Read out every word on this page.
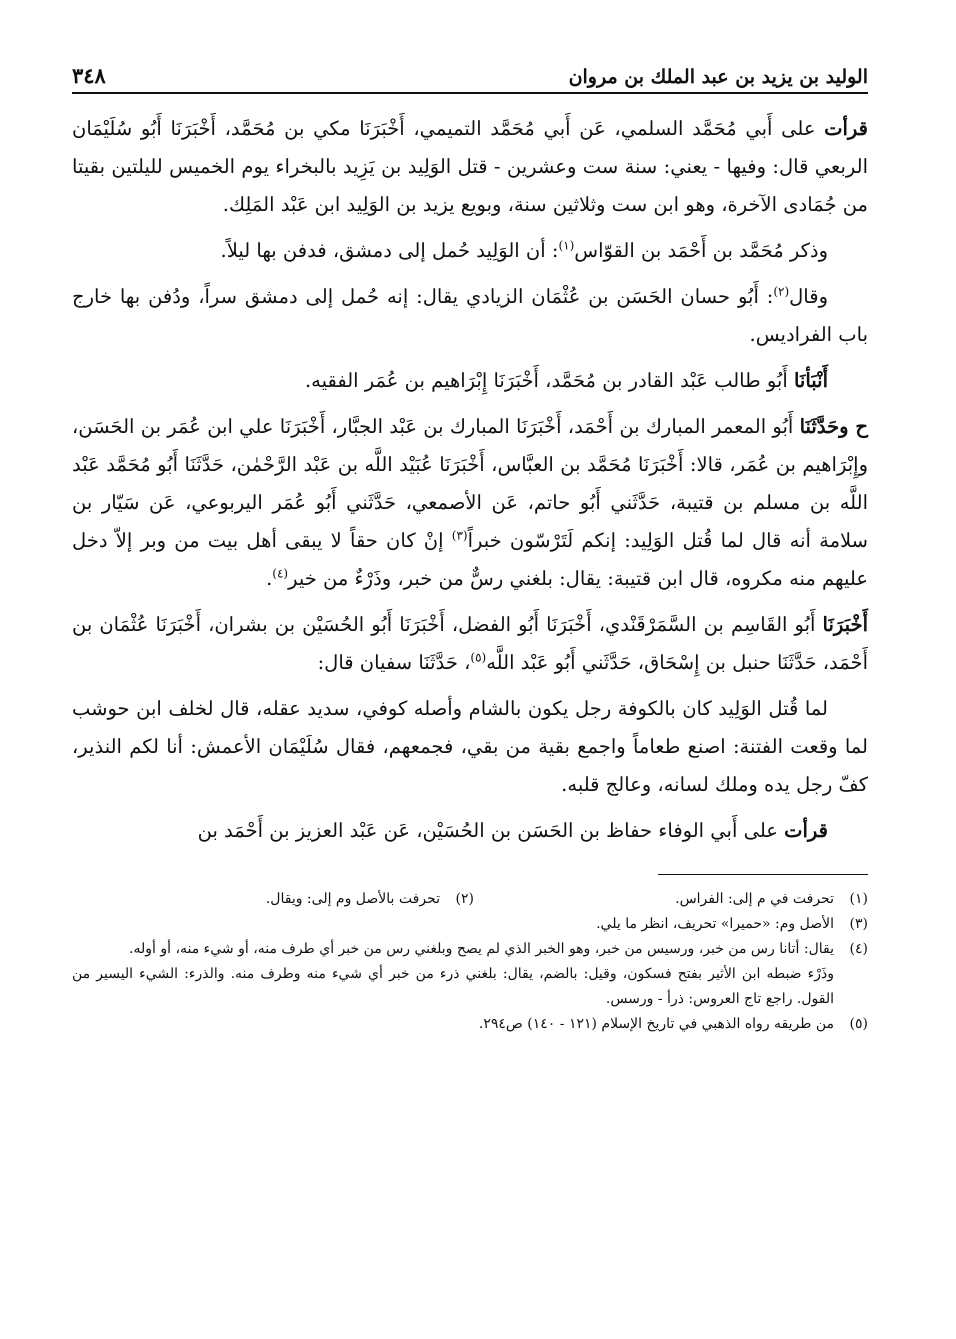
الوليد بن يزيد بن عبد الملك بن مروان
٣٤٨

قرأت على أَبي مُحَمَّد السلمي، عَن أَبي مُحَمَّد التميمي، أَخْبَرَنَا مكي بن مُحَمَّد، أَخْبَرَنَا أَبُو سُلَيْمَان الربعي قال: وفيها - يعني: سنة ست وعشرين - قتل الوَلِيد بن يَزِيد بالبخراء يوم الخميس لليلتين بقيتا من جُمَادى الآخرة، وهو ابن ست وثلاثين سنة، وبويع يزيد بن الوَلِيد ابن عَبْد المَلِك.

وذكر مُحَمَّد بن أَحْمَد بن القوّاس$^{(١)}$: أن الوَلِيد حُمل إلى دمشق، فدفن بها ليلاً.

وقال$^{(٢)}$: أَبُو حسان الحَسَن بن عُثْمَان الزيادي يقال: إنه حُمل إلى دمشق سراً، ودُفن بها خارج باب الفراديس.

أَنْبَأنَا أَبُو طالب عَبْد القادر بن مُحَمَّد، أَخْبَرَنَا إِبْرَاهيم بن عُمَر الفقيه.

ح وحَدَّثَنَا أَبُو المعمر المبارك بن أَحْمَد، أَخْبَرَنَا المبارك بن عَبْد الجبَّار، أَخْبَرَنَا علي ابن عُمَر بن الحَسَن، وإِبْرَاهيم بن عُمَر، قالا: أَخْبَرَنَا مُحَمَّد بن العبَّاس، أَخْبَرَنَا عُبَيْد اللَّه بن عَبْد الرَّحْمٰن، حَدَّثَنَا أَبُو مُحَمَّد عَبْد اللَّه بن مسلم بن قتيبة، حَدَّثَني أَبُو حاتم، عَن الأصمعي، حَدَّثَني أَبُو عُمَر اليربوعي، عَن سَيّار بن سلامة أنه قال لما قُتل الوَلِيد: إنكم لَتَرْسّون خبراً$^{(٣)}$ إنْ كان حقاً لا يبقى أهل بيت من وبر إلاّ دخل عليهم منه مكروه، قال ابن قتيبة: يقال: بلغني رسٌّ من خبر، وذَرْءٌ من خير$^{(٤)}$.

أَخْبَرَنَا أَبُو القَاسِم بن السَّمَرْقَنْدي، أَخْبَرَنَا أَبُو الفضل، أَخْبَرَنَا أَبُو الحُسَيْن بن بشران، أَخْبَرَنَا عُثْمَان بن أَحْمَد، حَدَّثَنَا حنبل بن إِسْحَاق، حَدَّثَني أَبُو عَبْد اللَّه$^{(٥)}$، حَدَّثَنَا سفيان قال:

لما قُتل الوَلِيد كان بالكوفة رجل يكون بالشام وأصله كوفي، سديد عقله، قال لخلف ابن حوشب لما وقعت الفتنة: اصنع طعاماً واجمع بقية من بقي، فجمعهم، فقال سُلَيْمَان الأعمش: أنا لكم النذير، كفّ رجل يده وملك لسانه، وعالج قلبه.

قرأت على أَبي الوفاء حفاظ بن الحَسَن بن الحُسَيْن، عَن عَبْد العزيز بن أَحْمَد بن

(١)
تحرفت في م إلى: الفراس.
(٢)
تحرفت بالأصل وم إلى: ويقال.
(٣)
الأصل وم: «حميرا» تحريف، انظر ما يلي.
(٤)
يقال: أتانا رس من خبر، ورسيس من خبر، وهو الخبر الذي لم يصح وبلغني رس من خبر أي طرف منه، أو شيء منه، أو أوله.
وذَرْء ضبطه ابن الأثير بفتح فسكون، وقيل: بالضم، يقال: بلغني ذرء من خبر أي شيء منه وطرف منه. والذرء: الشيء اليسير من القول. راجع تاج العروس: ذرأ - ورسس.
(٥)
من طريقه رواه الذهبي في تاريخ الإسلام (١٢١ - ١٤٠) ص٢٩٤.
